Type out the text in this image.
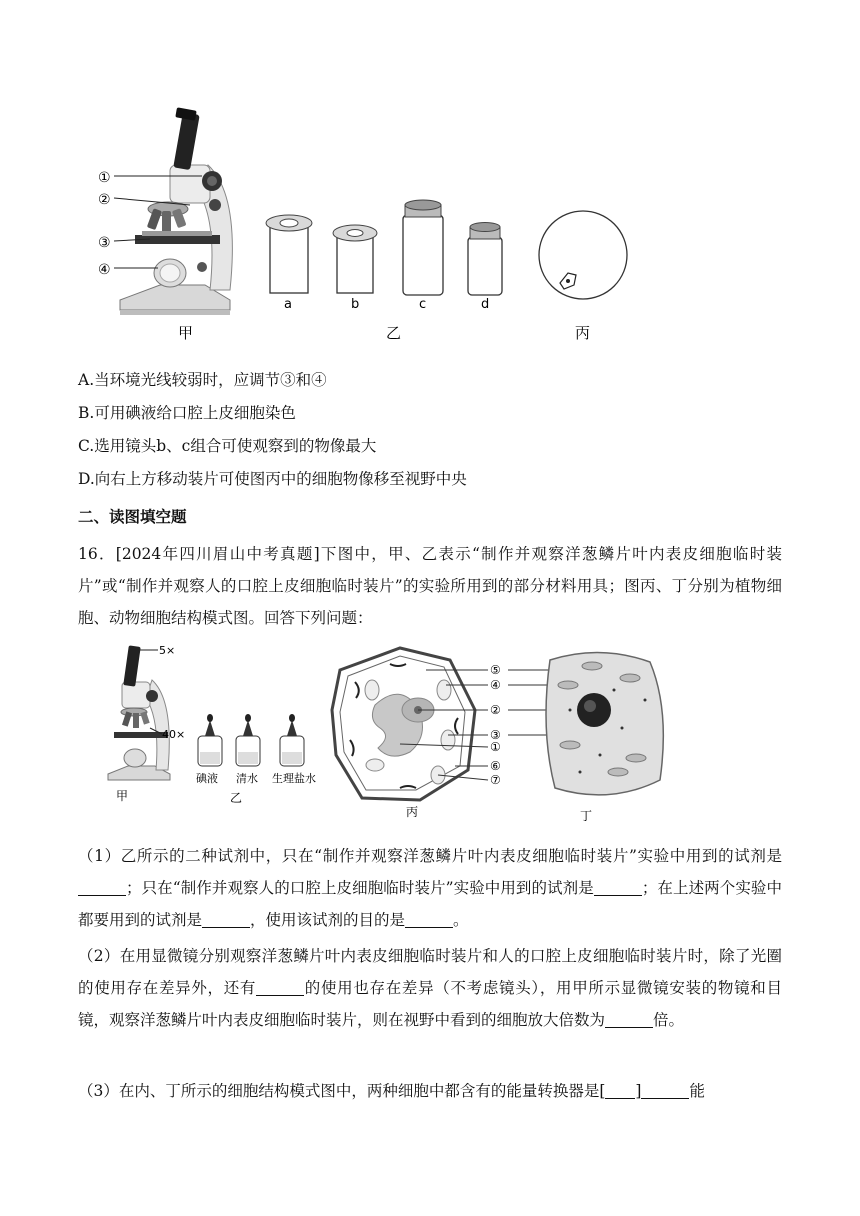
①
②
③
④
a	b	c	d
甲	乙	丙
A.当环境光线较弱时，应调节③和④
B.可用碘液给口腔上皮细胞染色
C.选用镜头b、c组合可使观察到的物像最大
D.向右上方移动装片可使图丙中的细胞物像移至视野中央
二、读图填空题
16．[2024年四川眉山中考真题]下图中，甲、乙表示“制作并观察洋葱鳞片叶内表皮细胞临时装片”或“制作并观察人的口腔上皮细胞临时装片”的实验所用到的部分材料用具；图丙、丁分别为植物细胞、动物细胞结构模式图。回答下列问题：
5×
40×
甲
碘液 清水 生理盐水
乙
⑤
④
②
③
①
⑥
⑦
丙	丁
（1）乙所示的二种试剂中，只在“制作并观察洋葱鳞片叶内表皮细胞临时装片”实验中用到的试剂是；只在“制作并观察人的口腔上皮细胞临时装片”实验中用到的试剂是	；在上述两个实验中都要用到的试剂是	，使用该试剂的目的是	。
（2）在用显微镜分别观察洋葱鳞片叶内表皮细胞临时装片和人的口腔上皮细胞临时装片时，除了光圈的使用存在差异外，还有	的使用也存在差异（不考虑镜头），用甲所示显微镜安装的物镜和目镜，观察洋葱鳞片叶内表皮细胞临时装片，则在视野中看到的细胞放大倍数为	倍。
（3）在内、丁所示的细胞结构模式图中，两种细胞中都含有的能量转换器是[ ]	能
